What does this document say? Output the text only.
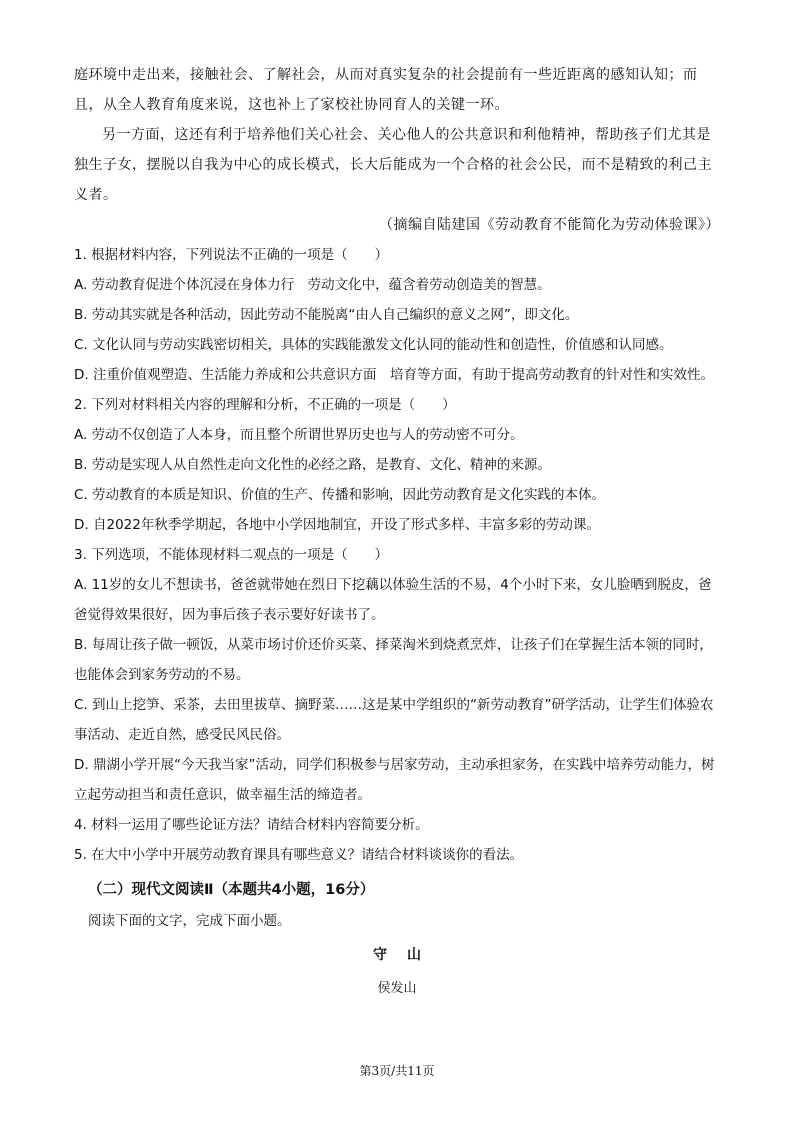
庭环境中走出来，接触社会、了解社会，从而对真实复杂的社会提前有一些近距离的感知认知；而且，从全人教育角度来说，这也补上了家校社协同育人的关键一环。

另一方面，这还有利于培养他们关心社会、关心他人的公共意识和利他精神，帮助孩子们尤其是独生子女，摆脱以自我为中心的成长模式，长大后能成为一个合格的社会公民，而不是精致的利己主义者。

（摘编自陆建国《劳动教育不能简化为劳动体验课》）

1. 根据材料内容，下列说法不正确的一项是（　　）

A. 劳动教育促进个体沉浸在身体力行　劳动文化中，蕴含着劳动创造美的智慧。

B. 劳动其实就是各种活动，因此劳动不能脱离“由人自己编织的意义之网”，即文化。

C. 文化认同与劳动实践密切相关，具体的实践能激发文化认同的能动性和创造性，价值感和认同感。

D. 注重价值观塑造、生活能力养成和公共意识方面　培育等方面，有助于提高劳动教育的针对性和实效性。

2. 下列对材料相关内容的理解和分析，不正确的一项是（　　）

A. 劳动不仅创造了人本身，而且整个所谓世界历史也与人的劳动密不可分。

B. 劳动是实现人从自然性走向文化性的必经之路，是教育、文化、精神的来源。

C. 劳动教育的本质是知识、价值的生产、传播和影响，因此劳动教育是文化实践的本体。

D. 自2022年秋季学期起，各地中小学因地制宜，开设了形式多样、丰富多彩的劳动课。

3. 下列选项，不能体现材料二观点的一项是（　　）

A. 11岁的女儿不想读书，爸爸就带她在烈日下挖藕以体验生活的不易，4个小时下来，女儿脸晒到脱皮，爸爸觉得效果很好，因为事后孩子表示要好好读书了。

B. 每周让孩子做一顿饭，从菜市场讨价还价买菜、择菜淘米到烧煮烹炸，让孩子们在掌握生活本领的同时，也能体会到家务劳动的不易。

C. 到山上挖笋、采茶，去田里拔草、摘野菜……这是某中学组织的“新劳动教育”研学活动，让学生们体验农事活动、走近自然，感受民风民俗。

D. 鼎湖小学开展“今天我当家”活动，同学们积极参与居家劳动，主动承担家务，在实践中培养劳动能力，树立起劳动担当和责任意识，做幸福生活的缔造者。

4. 材料一运用了哪些论证方法？请结合材料内容简要分析。

5. 在大中小学中开展劳动教育课具有哪些意义？请结合材料谈谈你的看法。

（二）现代文阅读Ⅱ（本题共4小题，16分）

阅读下面的文字，完成下面小题。

守山

侯发山

第3页/共11页
